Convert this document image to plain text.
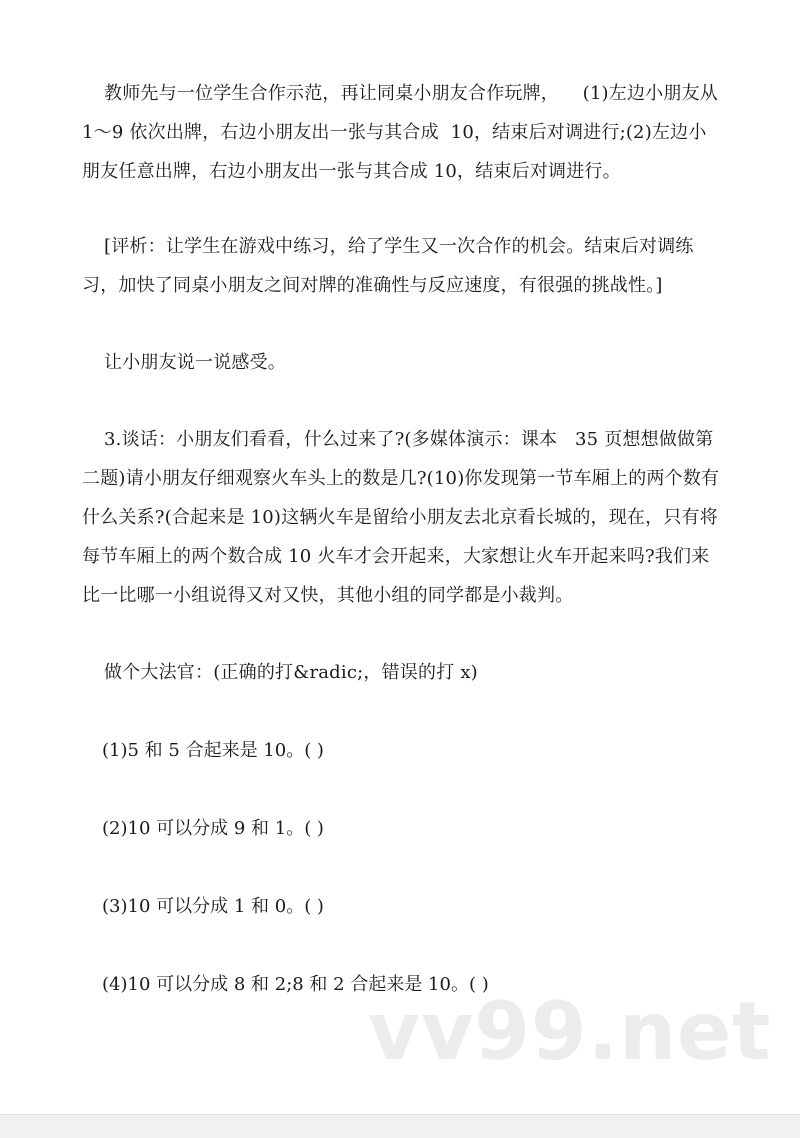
教师先与一位学生合作示范，再让同桌小朋友合作玩牌，    (1)左边小朋友从 1～9 依次出牌，右边小朋友出一张与其合成  10，结束后对调进行;(2)左边小朋友任意出牌，右边小朋友出一张与其合成 10，结束后对调进行。

[评析：让学生在游戏中练习，给了学生又一次合作的机会。结束后对调练习，加快了同桌小朋友之间对牌的准确性与反应速度，有很强的挑战性。]

让小朋友说一说感受。

3.谈话：小朋友们看看，什么过来了?(多媒体演示：课本   35 页想想做做第二题)请小朋友仔细观察火车头上的数是几?(10)你发现第一节车厢上的两个数有什么关系?(合起来是 10)这辆火车是留给小朋友去北京看长城的，现在，只有将每节车厢上的两个数合成 10 火车才会开起来，大家想让火车开起来吗?我们来比一比哪一小组说得又对又快，其他小组的同学都是小裁判。

做个大法官：(正确的打&radic;，错误的打 x)

(1)5 和 5 合起来是 10。( )

(2)10 可以分成 9 和 1。( )

(3)10 可以分成 1 和 0。( )

(4)10 可以分成 8 和 2;8 和 2 合起来是 10。( )

vv99.net
